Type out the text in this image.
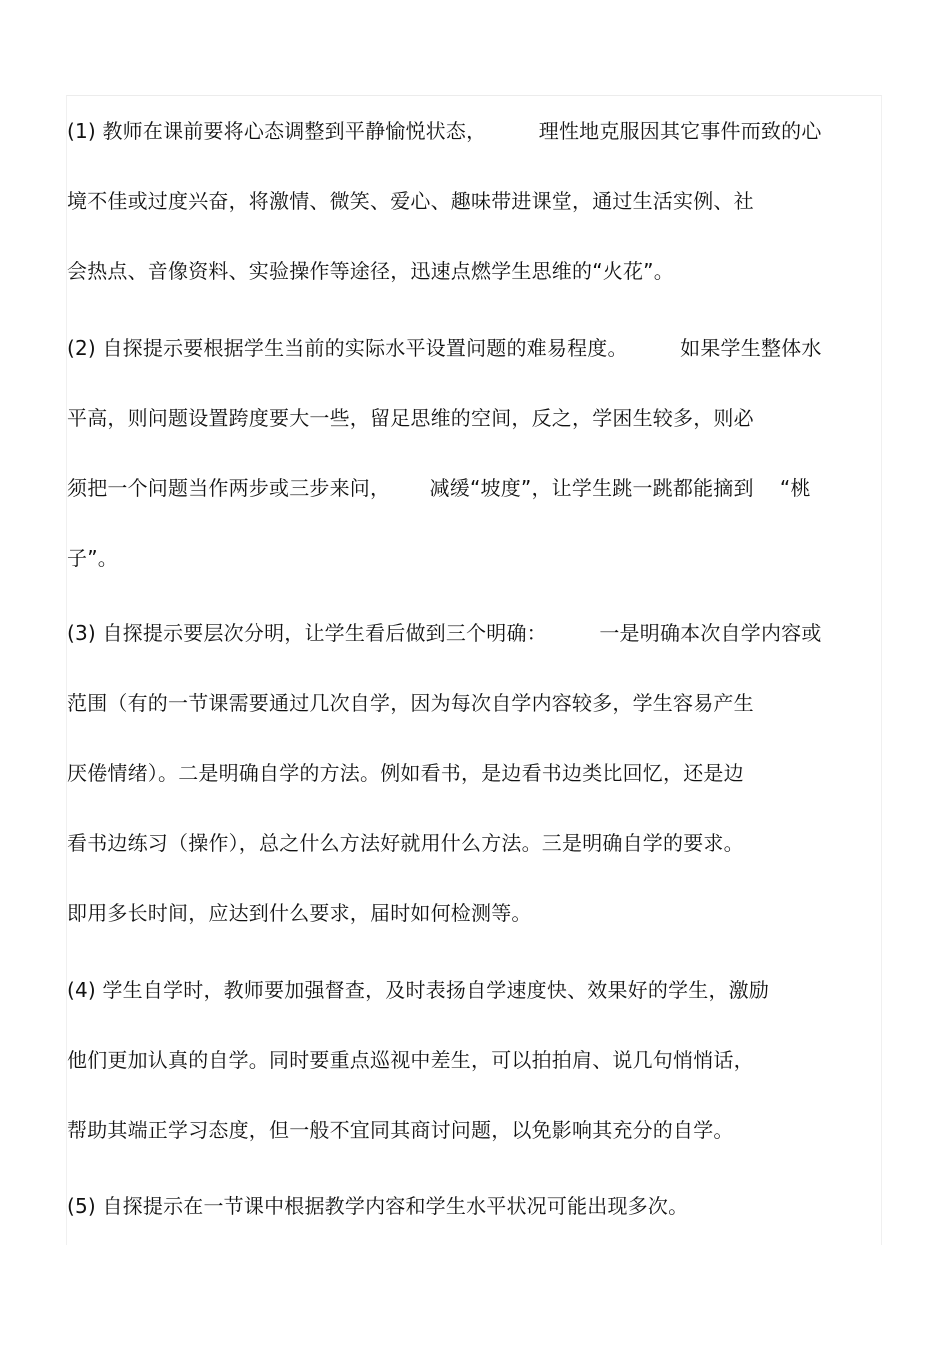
(1) 教师在课前要将心态调整到平静愉悦状态，        理性地克服因其它事件而致的心
境不佳或过度兴奋，将激情、微笑、爱心、趣味带进课堂，通过生活实例、社
会热点、音像资料、实验操作等途径，迅速点燃学生思维的“火花”。
(2) 自探提示要根据学生当前的实际水平设置问题的难易程度。        如果学生整体水
平高，则问题设置跨度要大一些，留足思维的空间，反之，学困生较多，则必
须把一个问题当作两步或三步来问，      减缓“坡度”，让学生跳一跳都能摘到    “桃
子”。
(3) 自探提示要层次分明，让学生看后做到三个明确：        一是明确本次自学内容或
范围（有的一节课需要通过几次自学，因为每次自学内容较多，学生容易产生
厌倦情绪）。二是明确自学的方法。例如看书，是边看书边类比回忆，还是边
看书边练习（操作），总之什么方法好就用什么方法。三是明确自学的要求。
即用多长时间，应达到什么要求，届时如何检测等。
(4) 学生自学时，教师要加强督查，及时表扬自学速度快、效果好的学生，激励
他们更加认真的自学。同时要重点巡视中差生，可以拍拍肩、说几句悄悄话，
帮助其端正学习态度，但一般不宜同其商讨问题，以免影响其充分的自学。
(5) 自探提示在一节课中根据教学内容和学生水平状况可能出现多次。
